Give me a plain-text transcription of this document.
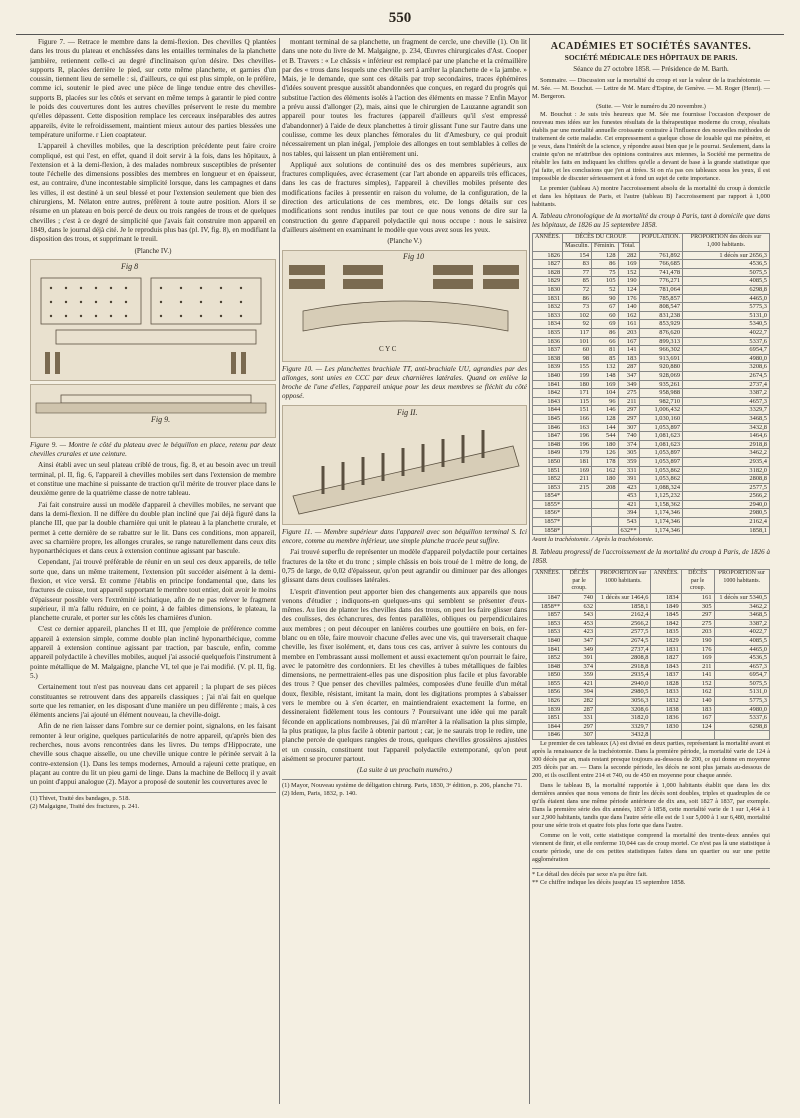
550

Figure 7. — Retrace le membre dans la demi-flexion. Des chevilles Q plantées dans les trous du plateau et enchâssées dans les entailles terminales de la planchette jambière, retiennent celle-ci au degré d'inclinaison qu'on désire. Des chevilles-supports R, placées derrière le pied, sur cette même planchette, et garnies d'un coussin, tiennent lieu de semelle : si, d'ailleurs, ce qui est plus simple, on le préfère, comme ici, soutenir le pied avec une pièce de linge tendue entre des chevilles-supports B, placées sur les côtés et servant en même temps à garantir le pied contre le poids des couvertures dont les autres chevilles préservent le reste du membre qu'elles dépassent. Cette disposition remplace les cerceaux inséparables des autres appareils, évite le refroidissement, maintient mieux autour des parties blessées une température uniforme. r Lien coaptateur.

L'appareil à chevilles mobiles, que la description précédente peut faire croire compliqué, est qui l'est, en effet, quand il doit servir à la fois, dans les hôpitaux, à l'extension et à la demi-flexion, à des malades nombreux susceptibles de présenter toute l'échelle des dimensions possibles des membres en longueur et en épaisseur, est, au contraire, d'une incontestable simplicité lorsque, dans les campagnes et dans les villes, il est destiné à un seul blessé et pour l'extension seulement que bien des chirurgiens, M. Nélaton entre autres, préfèrent à toute autre position. Alors il se résume en un plateau en bois percé de deux ou trois rangées de trous et de quelques chevilles ; c'est à ce degré de simplicité que j'avais fait construire mon appareil en 1849, dans le journal déjà cité. Je le reproduis plus bas (pl. IV, fig. 8), en modifiant la disposition des trous, et supprimant le treuil.

(Planche IV.)
Fig 8
Fig 9.

Figure 9. — Montre le côté du plateau avec le béquillon en place, retenu par deux chevilles crurales et une ceinture.

Ainsi établi avec un seul plateau criblé de trous, fig. 8, et au besoin avec un treuil terminal, pl. II, fig. 6, l'appareil à chevilles mobiles sert dans l'extension de membre et constitue une machine si puissante de traction qu'il mérite de trouver place dans le deuxième genre de la quatrième classe de notre tableau.

J'ai fait construire aussi un modèle d'appareil à chevilles mobiles, ne servant que dans la demi-flexion. Il ne diffère du double plan incliné que j'ai déjà figuré dans la planche III, que par la double charnière qui unit le plateau à la planchette crurale, et permet à cette dernière de se rabattre sur le lit. Dans ces conditions, mon appareil, avec sa charnière propre, les allonges crurales, se range naturellement dans ceux dits hyponarthéciques et dans ceux à extension continue agissant par bascule.

Cependant, j'ai trouvé préférable de réunir en un seul ces deux appareils, de telle sorte que, dans un même traitement, l'extension pût succéder aisément à la demi-flexion, et vice versâ. Et comme j'établis en principe fondamental que, dans les fractures de cuisse, tout appareil supportant le membre tout entier, doit avoir le moins d'épaisseur possible vers l'extrémité ischiatique, afin de ne pas relever le fragment supérieur, il m'a fallu réduire, en ce point, à de faibles dimensions, le plateau, la planchette crurale, et porter sur les côtés les charnières d'union.

C'est ce dernier appareil, planches II et III, que j'emploie de préférence comme appareil à extension simple, comme double plan incliné hyponarthécique, comme appareil à extension continue agissant par traction, par bascule, enfin, comme appareil polydactile à chevilles mobiles, auquel j'ai associé quelquefois l'instrument à pointe métallique de M. Malgaigne, planche VI, tel que je l'ai modifié. (V. pl. II, fig. 5.)

Certainement tout n'est pas nouveau dans cet appareil ; la plupart de ses pièces constituantes se retrouvent dans des appareils classiques ; j'ai n'ai fait en quelque sorte que les remanier, en les disposant d'une manière un peu différente ; mais, à ces éléments anciens j'ai ajouté un élément nouveau, la cheville-doigt.

Afin de ne rien laisser dans l'ombre sur ce dernier point, signalons, en les faisant remonter à leur origine, quelques particularités de notre appareil, qu'après bien des recherches, nous avons rencontrées dans les livres. Du temps d'Hippocrate, une cheville sous chaque aisselle, ou une cheville unique contre le périnée servait à la contre-extension (1). Dans les temps modernes, Arnould a rajeuni cette pratique, en plaçant au contre du lit un pieu garni de linge. Dans la machine de Bellocq il y avait un point d'appui analogue (2). Mayor a proposé de soutenir les couvertures avec le

(1) Thivet, Traité des bandages, p. 518.
(2) Malgaigne, Traité des fractures, p. 241.

montant terminal de sa planchette, un fragment de cercle, une cheville (1). On lit dans une note du livre de M. Malgaigne, p. 234, Œuvres chirurgicales d'Ast. Cooper et B. Travers : « Le châssis « inférieur est remplacé par une planche et la crémaillère par des « trous dans lesquels une cheville sert à arrêter la planchette de « la jambe. » Mais, je le demande, que sont ces détails par trop secondaires, traces éphémères d'idées souvent presque aussitôt abandonnées que conçues, en regard du progrès qui substitue l'action des éléments isolés à l'action des éléments en masse ? Enfin Mayor a prévu aussi d'allonger (2), mais, ainsi que le chirurgien de Lauzanne agrandit son appareil pour toutes les fractures (appareil d'ailleurs qu'il s'est empressé d'abandonner) à l'aide de deux planchettes à tiroir glissant l'une sur l'autre dans une coulisse, comme les deux planches fémorales du lit d'Amesbury, ce qui produit nécessairement un plan inégal, j'emploie des allonges en tout semblables à celles de nos tables, qui laissent un plan entièrement uni.

Appliqué aux solutions de continuité des os des membres supérieurs, aux fractures compliquées, avec écrasement (car l'art abonde en appareils très efficaces, dans les cas de fractures simples), l'appareil à chevilles mobiles présente des modifications faciles à pressentir en raison du volume, de la configuration, de la direction des articulations de ces membres, etc. De longs détails sur ces modifications sont rendus inutiles par tout ce que nous venons de dire sur la construction du genre d'appareil polydactile qui nous occupe : nous le saisirez d'ailleurs aisément en examinant le modèle que vous avez sous les yeux.

(Planche V.)
Fig 10
C Y C

Figure 10. — Les planchettes brachiale TT, anti-brachiale UU, agrandies par des allonges, sont unies en CCC par deux charnières latérales. Quand on enlève la broche de l'une d'elles, l'appareil unique pour les deux membres se fléchit du côté opposé.

Fig II.

Figure 11. — Membre supérieur dans l'appareil avec son béquillon terminal S. Ici encore, comme au membre inférieur, une simple planche tracée peut suffire.

J'ai trouvé superflu de représenter un modèle d'appareil polydactile pour certaines fractures de la tête et du tronc ; simple châssis en bois troué de 1 mètre de long, de 0,75 de large, de 0,02 d'épaisseur, qu'on peut agrandir ou diminuer par des allonges glissant dans deux coulisses latérales.

L'esprit d'invention peut apporter bien des changements aux appareils que nous venons d'étudier ; indiquons-en quelques-uns qui semblent se présenter d'eux-mêmes. Au lieu de planter les chevilles dans des trous, on peut les faire glisser dans des coulisses, des échancrures, des fentes parallèles, obliques ou perpendiculaires aux membres ; on peut découper en lanières courbes une gouttière en bois, en fer-blanc ou en tôle, faire mouvoir chacune d'elles avec une vis, qui traverserait chaque cheville, les fixer isolément, et, dans tous ces cas, arriver à suivre les contours du membre en l'embrassant aussi mollement et aussi exactement qu'on pourrait le faire, avec le patomètre des cordonniers. Et les chevilles à tubes métalliques de faibles dimensions, ne permettraient-elles pas une disposition plus facile et plus favorable des trous ? Que penser des chevilles palmées, composées d'une feuille d'un métal doux, flexible, résistant, imitant la main, dont les digitations promptes à s'abaisser vers le membre ou à s'en écarter, en maintiendraient exactement la forme, en dessineraient fidèlement tous les contours ? Poursuivant une idée qui me paraît féconde en applications nombreuses, j'ai dû m'arrêter à la réalisation la plus simple, la plus pratique, la plus facile à obtenir partout ; car, je ne saurais trop le redire, une planche percée de quelques rangées de trous, quelques chevilles grossières ajustées et un coussin, constituent tout l'appareil polydactile extemporané, qu'on peut aisément se procurer partout.

(La suite à un prochain numéro.)
(1) Mayor, Nouveau système de déligation chirurg. Paris, 1830, 3ᵉ édition, p. 206, planche 71.
(2) Idem, Paris, 1832, p. 140.
ACADÉMIES ET SOCIÉTÉS SAVANTES.
SOCIÉTÉ MÉDICALE DES HÔPITAUX DE PARIS.
Séance du 27 octobre 1858. — Présidence de M. Barth.

Sommaire. — Discussion sur la mortalité du croup et sur la valeur de la trachéotomie. — M. Sée. — M. Bouchut. — Lettre de M. Marc d'Espine, de Genève. — M. Roger (Henri). — M. Bergeron.

(Suite. — Voir le numéro du 20 novembre.)

M. Bouchut : Je suis très heureux que M. Sée me fournisse l'occasion d'exposer de nouveau mes idées sur les funestes résultats de la thérapeutique moderne du croup, résultats établis par une mortalité annuelle croissante contraire à l'influence des nouvelles méthodes de traitement de cette maladie. Cet empressement a quelque chose de louable qui me pénètre, et je veux, dans l'intérêt de la science, y répondre aussi bien que je le pourrai. Seulement, dans la crainte qu'on ne m'attribue des opinions contraires aux miennes, la Société me permettra de rétablir les faits en indiquant les chiffres qu'elle a devant de base à la grande statistique que j'ai faite, et les conclusions que j'en ai tirées. Si on n'a pas ces tableaux sous les yeux, il est impossible de discuter sérieusement et à fond un sujet de cette importance.

Le premier (tableau A) montre l'accroissement absolu de la mortalité du croup à domicile et dans les hôpitaux de Paris, et l'autre (tableau B) l'accroissement par rapport à 1,000 habitants.

A. Tableau chronologique de la mortalité du croup à Paris, tant à domicile que dans les hôpitaux, de 1826 au 15 septembre 1858.

ANNÉES.	DÉCÈS DU CROUP.			POPULATION.	PROPORTION des décès sur 1,000 habitants.
	Masculin.	Féminin.	Total.		
1826	154	128	282	761,892	1 décès sur 2656,3
1827	83	86	169	766,685	4536,5
1828	77	75	152	741,478	5075,5
1829	85	105	190	776,271	4085,5
1830	72	52	124	781,064	6298,8
1831	86	90	176	785,857	4465,0
1832	73	67	140	808,547	5775,3
1833	102	60	162	831,238	5131,0
1834	92	69	161	853,929	5340,5
1835	117	86	203	876,620	4022,7
1836	101	66	167	899,313	5337,6
1837	60	81	141	966,302	6954,7
1838	98	85	183	913,691	4980,0
1839	155	132	287	920,880	3208,6
1840	199	148	347	928,069	2674,5
1841	180	169	349	935,261	2737,4
1842	171	104	275	958,988	3387,2
1843	115	96	211	982,710	4657,3
1844	151	146	297	1,006,432	3329,7
1845	166	128	297	1,030,160	3468,5
1846	163	144	307	1,053,897	3432,8
1847	196	544	740	1,081,623	1464,6
1848	196	180	374	1,081,623	2918,8
1849	179	126	305	1,053,897	3462,2
1850	181	178	359	1,053,897	2935,4
1851	169	162	331	1,053,862	3182,0
1852	211	180	391	1,053,862	2808,8
1853	215	208	423	1,088,324	2577,5
1854*			453	1,125,232	2566,2
1855*			421	1,158,362	2940,0
1856*			394	1,174,346	2980,5
1857*			543	1,174,346	2162,4
1858*			632**	1,174,346	1858,1
Avant la trachéotomie. / Après la trachéotomie.

B. Tableau progressif de l'accroissement de la mortalité du croup à Paris, de 1826 à 1858.

ANNÉES.	DÉCÈS par le croup.	PROPORTION sur 1000 habitants.	ANNÉES.	DÉCÈS par le croup.	PROPORTION sur 1000 habitants.
1847	740	1 décès sur 1464,6	1834	161	1 décès sur 5340,5
1858**	632	1858,1	1849	305	3462,2
1857	543	2162,4	1845	297	3468,5
1853	453	2566,2	1842	275	3387,2
1853	423	2577,5	1835	203	4022,7
1840	347	2674,5	1829	190	4085,5
1841	349	2737,4	1831	176	4465,0
1852	391	2808,8	1827	169	4536,5
1848	374	2918,8	1843	211	4657,3
1850	359	2935,4	1837	141	6954,7
1855	421	2940,0	1828	152	5075,5
1856	394	2980,5	1833	162	5131,0
1826	282	3056,3	1832	140	5775,3
1839	287	3208,6	1838	183	4980,0
1851	331	3182,0	1836	167	5337,6
1844	297	3329,7	1830	124	6298,8
1846	307	3432,8			

Le premier de ces tableaux (A) est divisé en deux parties, représentant la mortalité avant et après la renaissance de la trachéotomie. Dans la première période, la mortalité varie de 124 à 300 décès par an, mais restant presque toujours au-dessous de 200, ce qui donne en moyenne 205 décès par an. — Dans la seconde période, les décès ne sont plus jamais au-dessous de 200, et ils oscillent entre 214 et 740, ou de 450 en moyenne pour chaque année.

Dans le tableau B, la mortalité rapportée à 1,000 habitants établit que dans les dix dernières années que nous venons de finir les décès sont doubles, triples et quadruples de ce qu'ils étaient dans une même période antérieure de dix ans, soit 1827 à 1837, par exemple. Dans la première série des dix années, 1837 à 1858, cette mortalité varie de 1 sur 1,464 à 1 sur 2,900 habitants, tandis que dans l'autre série elle est de 1 sur 5,000 à 1 sur 6,480, mortalité pour une série trois et quatre fois plus forte que dans l'autre.

Comme on le voit, cette statistique comprend la mortalité des trente-deux années qui viennent de finir, et elle renferme 10,044 cas de croup mortel. Ce n'est pas là une statistique à courte période, une de ces petites statistiques faites dans un quartier ou sur une petite agglomération

* Le détail des décès par sexe n'a pu être fait.
** Ce chiffre indique les décès jusqu'au 15 septembre 1858.
